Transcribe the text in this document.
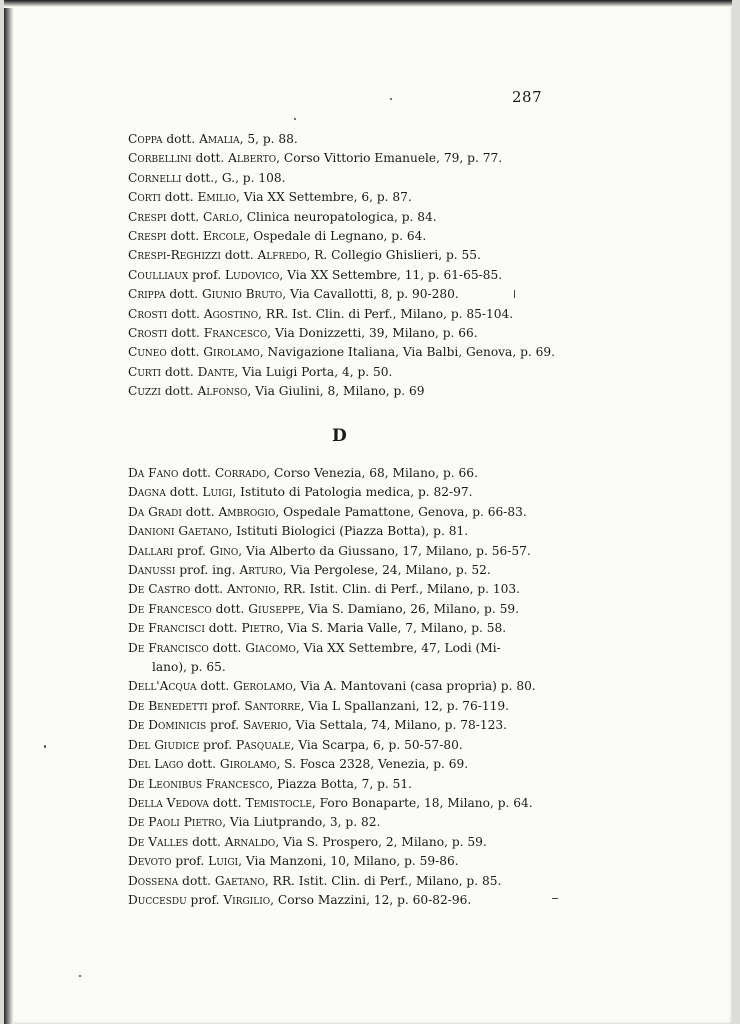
287
Coppa dott. Amalia, 5, p. 88.
Corbellini dott. Alberto, Corso Vittorio Emanuele, 79, p. 77.
Cornelli dott., G., p. 108.
Corti dott. Emilio, Via XX Settembre, 6, p. 87.
Crespi dott. Carlo, Clinica neuropatologica, p. 84.
Crespi dott. Ercole, Ospedale di Legnano, p. 64.
Crespi-Reghizzi dott. Alfredo, R. Collegio Ghislieri, p. 55.
Coulliaux prof. Ludovico, Via XX Settembre, 11, p. 61-65-85.
Crippa dott. Giunio Bruto, Via Cavallotti, 8, p. 90-280.
Crosti dott. Agostino, RR. Ist. Clin. di Perf., Milano, p. 85-104.
Crosti dott. Francesco, Via Donizzetti, 39, Milano, p. 66.
Cuneo dott. Girolamo, Navigazione Italiana, Via Balbi, Genova, p. 69.
Curti dott. Dante, Via Luigi Porta, 4, p. 50.
Cuzzi dott. Alfonso, Via Giulini, 8, Milano, p. 69
D
Da Fano dott. Corrado, Corso Venezia, 68, Milano, p. 66.
Dagna dott. Luigi, Istituto di Patologia medica, p. 82-97.
Da Gradi dott. Ambrogio, Ospedale Pamattone, Genova, p. 66-83.
Danioni Gaetano, Istituti Biologici (Piazza Botta), p. 81.
Dallari prof. Gino, Via Alberto da Giussano, 17, Milano, p. 56-57.
Danussi prof. ing. Arturo, Via Pergolese, 24, Milano, p. 52.
De Castro dott. Antonio, RR. Istit. Clin. di Perf., Milano, p. 103.
De Francesco dott. Giuseppe, Via S. Damiano, 26, Milano, p. 59.
De Francisci dott. Pietro, Via S. Maria Valle, 7, Milano, p. 58.
De Francisco dott. Giacomo, Via XX Settembre, 47, Lodi (Mi-
lano), p. 65.
Dell'Acqua dott. Gerolamo, Via A. Mantovani (casa propria) p. 80.
De Benedetti prof. Santorre, Via L Spallanzani, 12, p. 76-119.
De Dominicis prof. Saverio, Via Settala, 74, Milano, p. 78-123.
Del Giudice prof. Pasquale, Via Scarpa, 6, p. 50-57-80.
Del Lago dott. Girolamo, S. Fosca 2328, Venezia, p. 69.
De Leonibus Francesco, Piazza Botta, 7, p. 51.
Della Vedova dott. Temistocle, Foro Bonaparte, 18, Milano, p. 64.
De Paoli Pietro, Via Liutprando, 3, p. 82.
De Valles dott. Arnaldo, Via S. Prospero, 2, Milano, p. 59.
Devoto prof. Luigi, Via Manzoni, 10, Milano, p. 59-86.
Dossena dott. Gaetano, RR. Istit. Clin. di Perf., Milano, p. 85.
Duccesdu prof. Virgilio, Corso Mazzini, 12, p. 60-82-96.
